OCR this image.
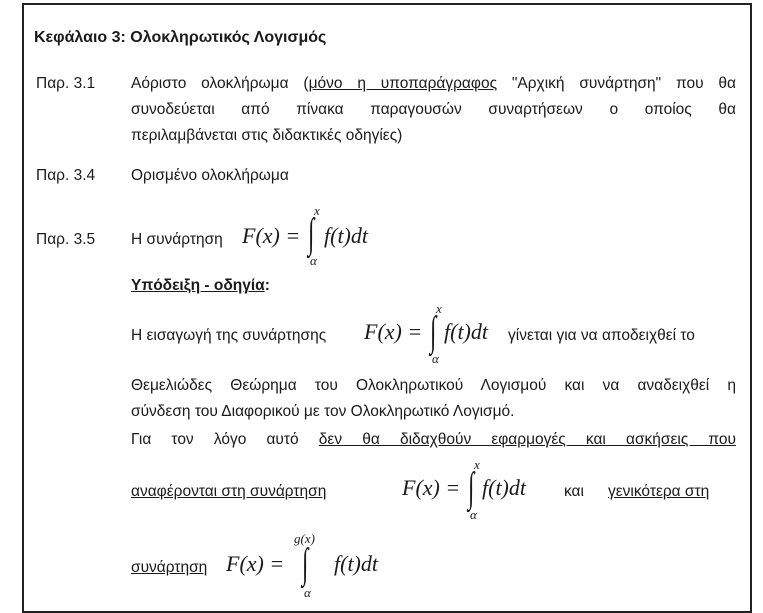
Κεφάλαιο 3: Ολοκληρωτικός Λογισμός
Παρ. 3.1 Αόριστο ολοκλήρωμα (μόνο η υποπαράγραφος "Αρχική συνάρτηση" που θα
συνοδεύεται από πίνακα παραγουσών συναρτήσεων ο οποίος θα
περιλαμβάνεται στις διδακτικές οδηγίες)
Παρ. 3.4 Ορισμένο ολοκλήρωμα
Παρ. 3.5 Η συνάρτηση F(x) =
x
∫
α
f(t)dt
Υπόδειξη - οδηγία:
Η εισαγωγή της συνάρτησης F(x) =
x
∫
α
f(t)dt γίνεται για να αποδειχθεί το
Θεμελιώδες Θεώρημα του Ολοκληρωτικού Λογισμού και να αναδειχθεί η
σύνδεση του Διαφορικού με τον Ολοκληρωτικό Λογισμό.
Για τον λόγο αυτό δεν θα διδαχθούν εφαρμογές και ασκήσεις που
αναφέρονται στη συνάρτηση	F(x) =
x
∫
α
f(t)dt και γενικότερα στη
συνάρτηση F(x) =
g(x)
∫
α
f(t)dt
